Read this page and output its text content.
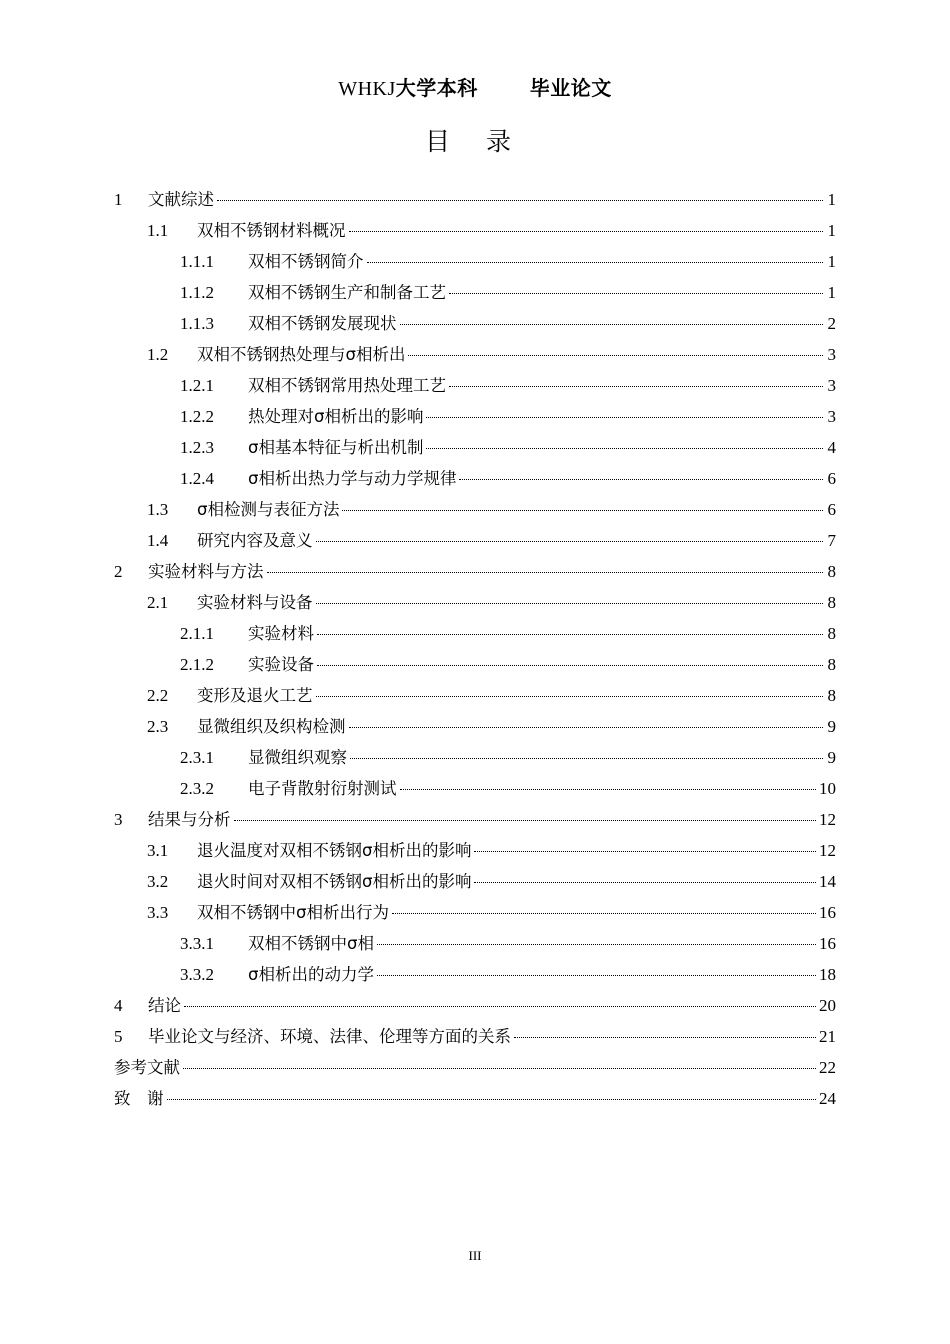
WHKJ大学本科	毕业论文
目 录
1	文献综述	1
1.1	双相不锈钢材料概况	1
1.1.1	双相不锈钢简介	1
1.1.2	双相不锈钢生产和制备工艺	1
1.1.3	双相不锈钢发展现状	2
1.2	双相不锈钢热处理与σ相析出	3
1.2.1	双相不锈钢常用热处理工艺	3
1.2.2	热处理对σ相析出的影响	3
1.2.3	σ相基本特征与析出机制	4
1.2.4	σ相析出热力学与动力学规律	6
1.3	σ相检测与表征方法	6
1.4	研究内容及意义	7
2	实验材料与方法	8
2.1	实验材料与设备	8
2.1.1	实验材料	8
2.1.2	实验设备	8
2.2	变形及退火工艺	8
2.3	显微组织及织构检测	9
2.3.1	显微组织观察	9
2.3.2	电子背散射衍射测试	10
3	结果与分析	12
3.1	退火温度对双相不锈钢σ相析出的影响	12
3.2	退火时间对双相不锈钢σ相析出的影响	14
3.3	双相不锈钢中σ相析出行为	16
3.3.1	双相不锈钢中σ相	16
3.3.2	σ相析出的动力学	18
4	结论	20
5	毕业论文与经济、环境、法律、伦理等方面的关系	21
参考文献	22
致　谢	24
III
